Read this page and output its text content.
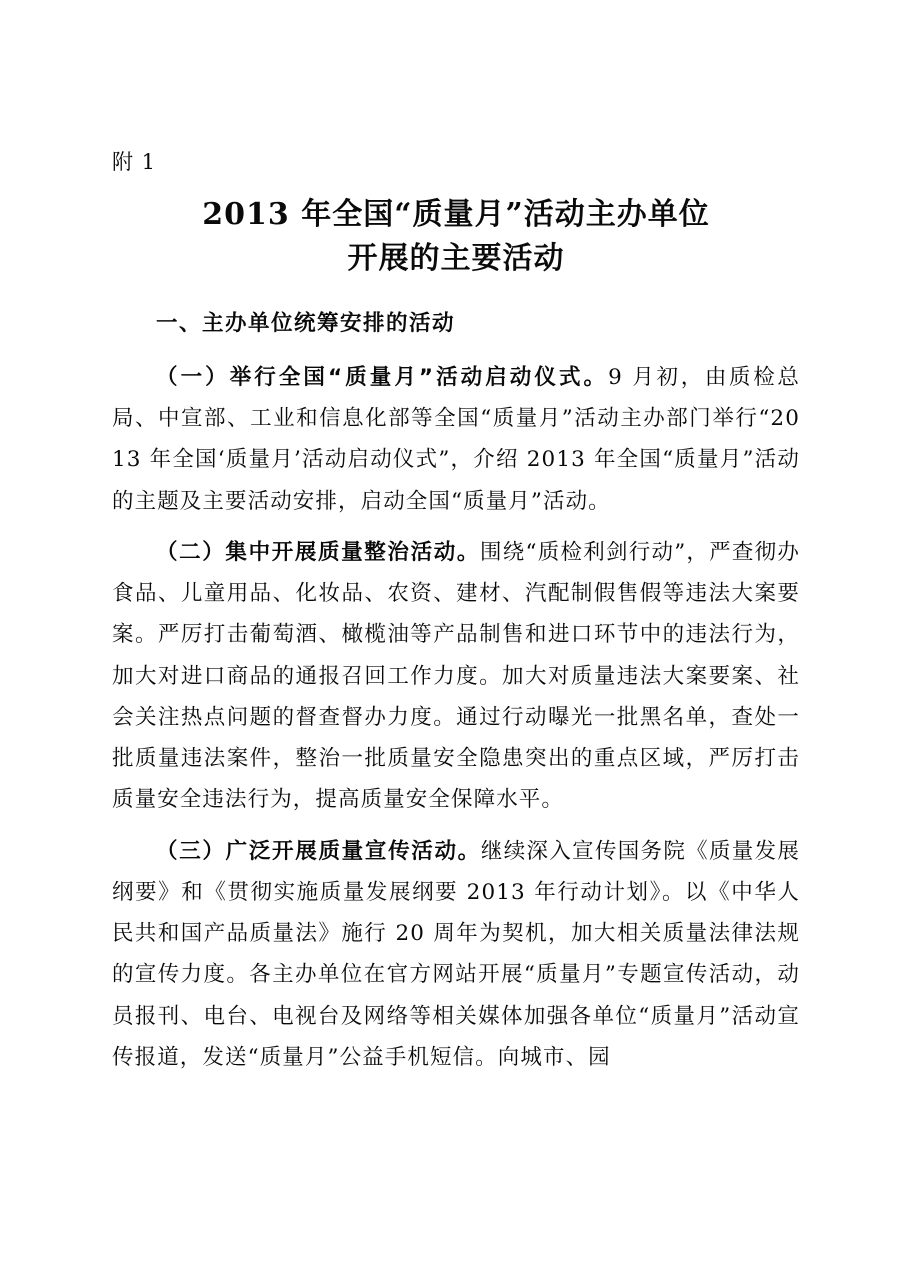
附 1
2013 年全国“质量月”活动主办单位
开展的主要活动
一、主办单位统筹安排的活动

（一）举行全国“质量月”活动启动仪式。9 月初，由质检总局、中宣部、工业和信息化部等全国“质量月”活动主办部门举行“2013 年全国‘质量月’活动启动仪式”，介绍 2013 年全国“质量月”活动的主题及主要活动安排，启动全国“质量月”活动。

（二）集中开展质量整治活动。围绕“质检利剑行动”，严查彻办食品、儿童用品、化妆品、农资、建材、汽配制假售假等违法大案要案。严厉打击葡萄酒、橄榄油等产品制售和进口环节中的违法行为，加大对进口商品的通报召回工作力度。加大对质量违法大案要案、社会关注热点问题的督查督办力度。通过行动曝光一批黑名单，查处一批质量违法案件，整治一批质量安全隐患突出的重点区域，严厉打击质量安全违法行为，提高质量安全保障水平。

（三）广泛开展质量宣传活动。继续深入宣传国务院《质量发展纲要》和《贯彻实施质量发展纲要 2013 年行动计划》。以《中华人民共和国产品质量法》施行 20 周年为契机，加大相关质量法律法规的宣传力度。各主办单位在官方网站开展“质量月”专题宣传活动，动员报刊、电台、电视台及网络等相关媒体加强各单位“质量月”活动宣传报道，发送“质量月”公益手机短信。向城市、园
